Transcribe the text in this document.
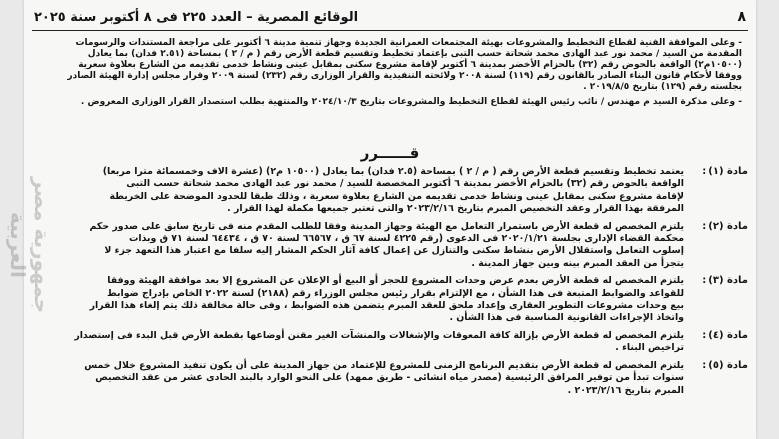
٨
الوقائع المصرية – العدد ٢٢٥ فى ٨ أكتوبر سنة ٢٠٢٥

- وعلى الموافقة الفنية لقطاع التخطيط والمشروعات بهيئة المجتمعات العمرانية الجديدة وجهاز تنمية مدينة ٦ أكتوبر على مراجعة المستندات والرسومات
المقدمة من السيد / محمد نور عبد الهادى محمد شحاتة حسب التبى بإعتماد تخطيط وتقسيم قطعة الأرض رقم ( م / ٢ ) بمساحة (٢.٥١ فدان) بما يعادل
(١٠٥٠٠م٢) الواقعة بالحوض رقم (٣٢) بالحزام الأخضر بمدينة ٦ أكتوبر لإقامة مشروع سكنى بمقابل عينى ونشاط خدمى تقديمه من الشارع بعلاوة سعرية
ووفقا لأحكام قانون البناء الصادر بالقانون رقم (١١٩) لسنة ٢٠٠٨ ولائحته التنفيذية والقرار الوزارى رقم (٢٣٢) لسنة ٢٠٠٩ وقرار مجلس إدارة الهيئة الصادر
بجلسته رقم (١٢٩) بتاريخ ٢٠١٩/٨/٥ .

- وعلى مذكرة السيد م مهندس / نائب رئيس الهيئة لقطاع التخطيط والمشروعات بتاريخ ٢٠٢٤/١٠/٣ والمنتهية بطلب استصدار القرار الوزارى المعروض .

قــــــرر
مادة (١):
يعتمد تخطيط وتقسيم قطعة الأرض رقم ( م / ٢ ) بمساحة (٢.٥ فدان) بما يعادل (١٠٥٠٠ م٢) (عشرة الاف وخمسمائة مترا مربعا)
الواقعة بالحوض رقم (٣٢) بالحزام الأخضر بمدينة ٦ أكتوبر المخصصة للسيد / محمد نور عبد الهادى محمد شحاتة حسب التبى
لإقامة مشروع سكنى بمقابل عينى ونشاط خدمى تقديمه من الشارع بعلاوة سعرية ، وذلك طبقا للحدود الموضحة على الخريطة
المرفقة بهذا القرار وعقد التخصيص المبرم بتاريخ ٢٠٢٣/٢/١٦ والتى تعتبر جميعها مكملة لهذا القرار .
مادة (٢):
يلتزم المخصص له قطعة الأرض باستمرار التعامل مع الهيئة وجهاز المدينة وفقا للطلب المقدم منه فى تاريخ سابق على صدور حكم
محكمة القضاء الإدارى بجلسة ٢٠٢٠/١/٢١ فى الدعوى (رقم ٤٢٢٥ لسنة ٦٧ ق ، ٦٦٥٦٧ لسنة ٧٠ ق ، ٦٤٤٣٤ لسنة ٧١ ق وبذات
إسلوب التعامل واستقلال الأرض بنشاط سكنى والتنازل عن إعمال كافة آثار الحكم المشار إليه سلفا مع اعتبار هذا التعهد جزء لا
يتجزأ من العقد المبرم بينه وبين جهاز المدينة .
مادة (٣):
يلتزم المخصص له قطعة الأرض بعدم عرض وحدات المشروع للحجز أو البيع أو الإعلان عن المشروع إلا بعد موافقة الهيئة ووفقا
للقواعد والضوابط المتبعة فى هذا الشأن ، مع الإلتزام بقرار رئيس مجلس الوزراء رقم (٢١٨٨) لسنة ٢٠٢٢ الخاص بإدراج ضوابط
بيع وحدات مشروعات التطوير العقارى وإعداد ملحق للعقد المبرم يتضمن هذه الضوابط ، وفى حالة مخالفة ذلك يتم إلغاء هذا القرار
واتخاذ الإجراءات القانونية المناسبة فى هذا الشأن .
مادة (٤):
يلتزم المخصص له قطعة الأرض بإزالة كافة المعوقات والإشغالات والمنشآت الغير مقنن أوضاعها بقطعة الأرض قبل البدء فى إستصدار
تراخيص البناء .
مادة (٥):
يلتزم المخصص له قطعة الأرض بتقديم البرنامج الزمنى للمشروع للإعتماد من جهاز المدينة على أن يكون تنفيذ المشروع خلال خمس
سنوات تبدأ من توفير المرافق الرئيسية (مصدر مياه انشائى - طريق ممهد) على النحو الوارد بالبند الحادى عشر من عقد التخصيص
المبرم بتاريخ ٢٠٢٣/٢/١٦ .
جمهورية مصر العربية
